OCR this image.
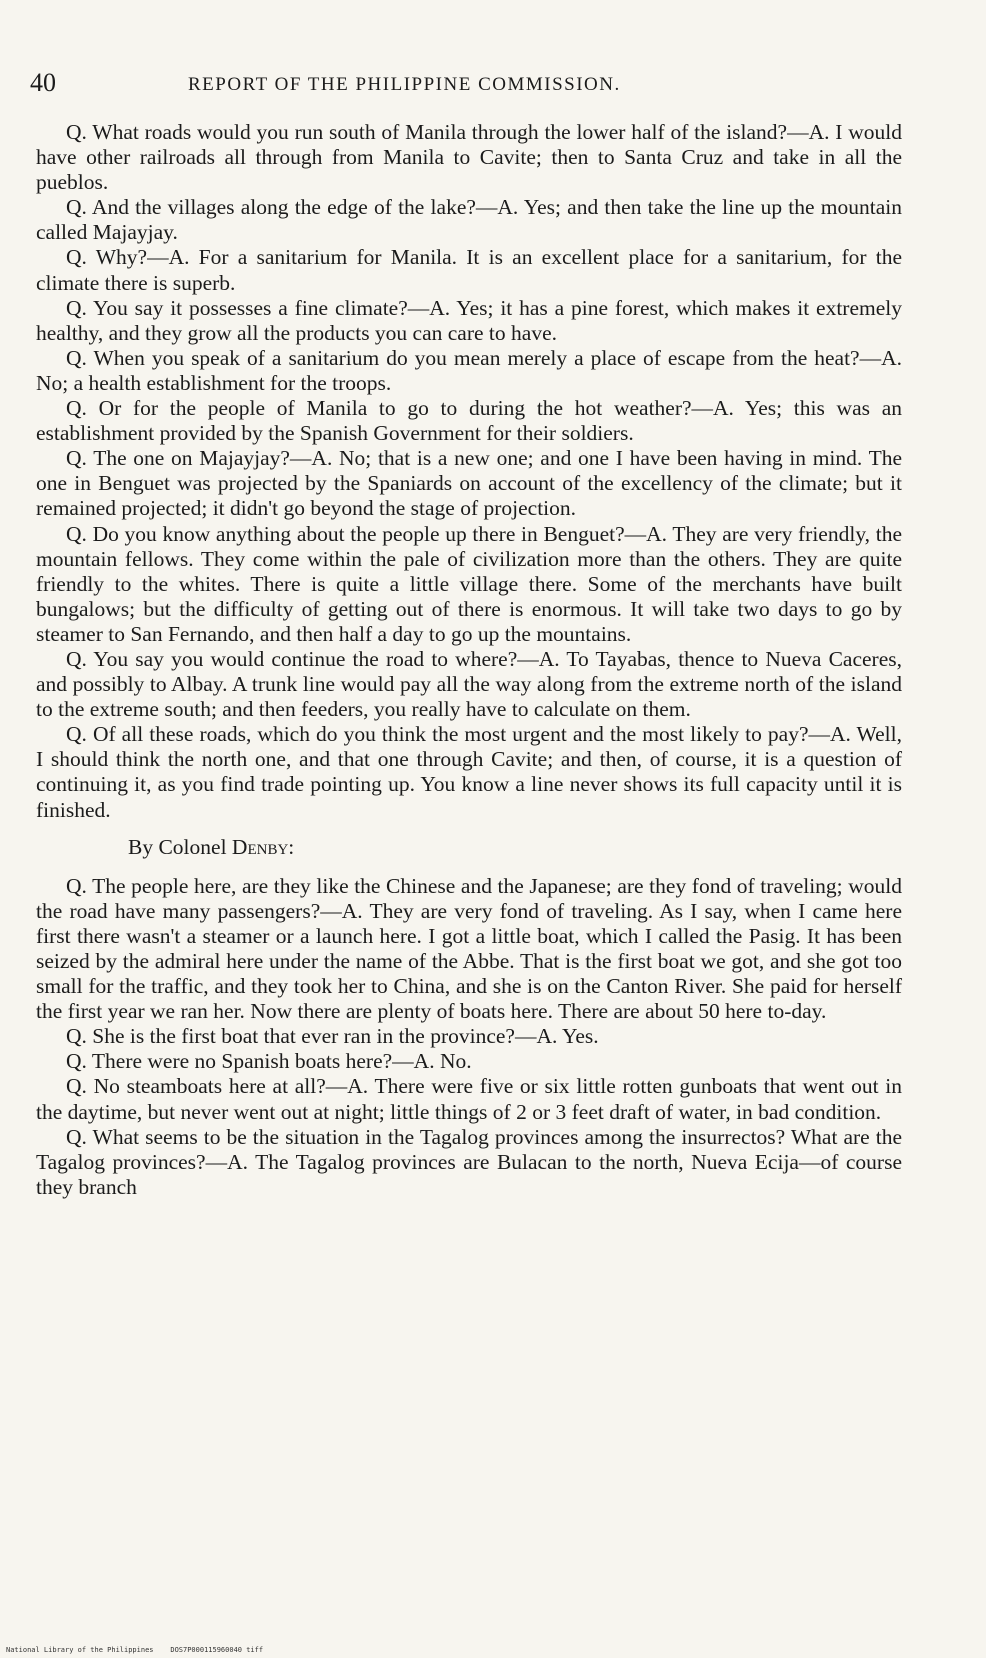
40	REPORT OF THE PHILIPPINE COMMISSION.

Q. What roads would you run south of Manila through the lower half of the island?—A. I would have other railroads all through from Manila to Cavite; then to Santa Cruz and take in all the pueblos.

Q. And the villages along the edge of the lake?—A. Yes; and then take the line up the mountain called Majayjay.

Q. Why?—A. For a sanitarium for Manila. It is an excellent place for a sanitarium, for the climate there is superb.

Q. You say it possesses a fine climate?—A. Yes; it has a pine forest, which makes it extremely healthy, and they grow all the products you can care to have.

Q. When you speak of a sanitarium do you mean merely a place of escape from the heat?—A. No; a health establishment for the troops.

Q. Or for the people of Manila to go to during the hot weather?—A. Yes; this was an establishment provided by the Spanish Government for their soldiers.

Q. The one on Majayjay?—A. No; that is a new one; and one I have been having in mind. The one in Benguet was projected by the Spaniards on account of the excellency of the climate; but it remained projected; it didn't go beyond the stage of projection.

Q. Do you know anything about the people up there in Benguet?—A. They are very friendly, the mountain fellows. They come within the pale of civilization more than the others. They are quite friendly to the whites. There is quite a little village there. Some of the merchants have built bungalows; but the difficulty of getting out of there is enormous. It will take two days to go by steamer to San Fernando, and then half a day to go up the mountains.

Q. You say you would continue the road to where?—A. To Tayabas, thence to Nueva Caceres, and possibly to Albay. A trunk line would pay all the way along from the extreme north of the island to the extreme south; and then feeders, you really have to calculate on them.

Q. Of all these roads, which do you think the most urgent and the most likely to pay?—A. Well, I should think the north one, and that one through Cavite; and then, of course, it is a question of continuing it, as you find trade pointing up. You know a line never shows its full capacity until it is finished.

By Colonel Denby:

Q. The people here, are they like the Chinese and the Japanese; are they fond of traveling; would the road have many passengers?—A. They are very fond of traveling. As I say, when I came here first there wasn't a steamer or a launch here. I got a little boat, which I called the Pasig. It has been seized by the admiral here under the name of the Abbe. That is the first boat we got, and she got too small for the traffic, and they took her to China, and she is on the Canton River. She paid for herself the first year we ran her. Now there are plenty of boats here. There are about 50 here to-day.

Q. She is the first boat that ever ran in the province?—A. Yes.

Q. There were no Spanish boats here?—A. No.

Q. No steamboats here at all?—A. There were five or six little rotten gunboats that went out in the daytime, but never went out at night; little things of 2 or 3 feet draft of water, in bad condition.

Q. What seems to be the situation in the Tagalog provinces among the insurrectos? What are the Tagalog provinces?—A. The Tagalog provinces are Bulacan to the north, Nueva Ecija—of course they branch

National Library of the Philippines    DOS7P000115960040 tiff
